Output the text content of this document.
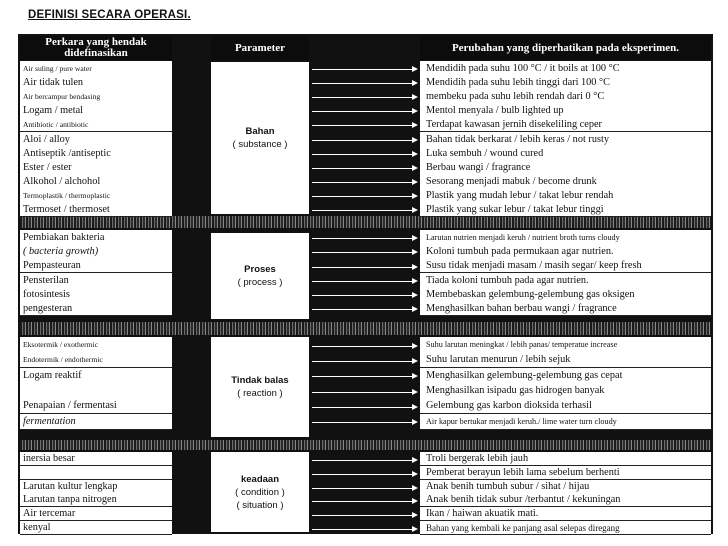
DEFINISI SECARA OPERASI.
Perkara yang hendak didefinasikan	Parameter	Perubahan yang diperhatikan pada eksperimen.
Air suling / pure water	Mendidih pada suhu 100 °C / it boils at 100 °C
Air tidak tulen	Mendidih pada suhu lebih tinggi dari 100 °C
Air bercampur bendasing	membeku pada suhu lebih rendah dari 0 °C
Logam / metal	Mentol menyala / bulb lighted up
Antibiotic / antibiotic	Terdapat kawasan jernih disekeliling ceper
Aloi / alloy	Bahan tidak berkarat / lebih keras / not rusty
Antiseptik /antiseptic	Luka sembuh / wound cured
Ester / ester	Berbau wangi / fragrance
Alkohol / alchohol	Sesorang menjadi mabuk / become drunk
Termoplastik / thermoplastic	Plastik yang mudah lebur / takat lebur rendah
Termoset / thermoset	Plastik yang sukar lebur / takat lebur tinggi
Bahan
( substance )
Pembiakan bakteria	Larutan nutrien menjadi keruh / nutrient broth turns cloudy
( bacteria growth)	Koloni tumbuh pada permukaan agar nutrien.
Pempasteuran	Susu tidak menjadi masam / masih segar/ keep fresh
Pensterilan	Tiada koloni tumbuh pada agar nutrien.
fotosintesis	Membebaskan gelembung-gelembung gas oksigen
pengesteran	Menghasilkan bahan berbau wangi / fragrance
Proses
( process )
Eksotermik / exothermic	Suhu larutan meningkat / lebih panas/ temperatue increase
Endotermik / endothermic	Suhu larutan menurun / lebih sejuk
Logam reaktif	Menghasilkan gelembung-gelembung gas cepat
Menghasilkan isipadu gas hidrogen banyak
Penapaian / fermentasi	Gelembung gas karbon dioksida terhasil
fermentation	Air kapur bertukar menjadi keruh./ lime water turn cloudy
Tindak balas
( reaction )
inersia besar	Troli bergerak lebih jauh
Pemberat berayun lebih lama sebelum berhenti
Larutan kultur lengkap	Anak benih tumbuh subur / sihat / hijau
Larutan tanpa nitrogen	Anak benih tidak subur /terbantut / kekuningan
Air tercemar	Ikan / haiwan akuatik mati.
kenyal	Bahan yang kembali ke panjang asal selepas diregang
keadaan
( condition )
( situation )
